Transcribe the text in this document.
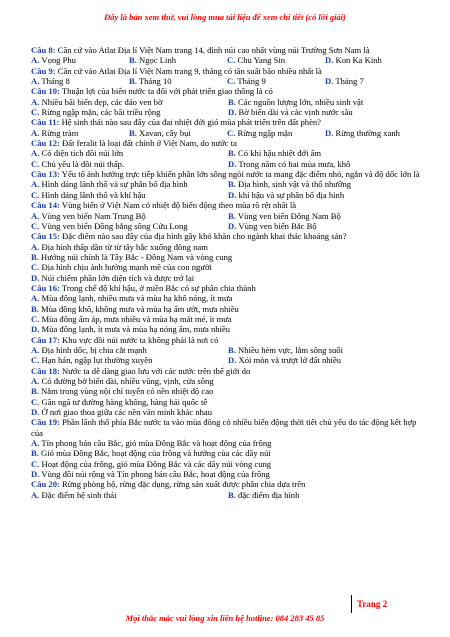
Đây là bản xem thử, vui lòng mua tài liệu để xem chi tiết (có lời giải)
Câu 8: Căn cứ vào Atlat Địa lí Việt Nam trang 14, đỉnh núi cao nhất vùng núi Trường Sơn Nam là
A. Vọng Phu	B. Ngọc Linh	C. Chu Yang Sin	D. Kon Ka Kinh
Câu 9: Căn cứ vào Atlat Địa lí Việt Nam trang 9, tháng có tần suất bão nhiều nhất là
A. Tháng 8	B. Tháng 10	C. Tháng 9	D. Tháng 7
Câu 10: Thuận lợi của biển nước ta đối với phát triển giao thông là có
A. Nhiều bãi biển đẹp, các đảo ven bờ	B. Các nguồn lượng lớn, nhiều sinh vật
C. Rừng ngập mặn, các bãi triều rộng	D. Bờ biển dài và các vịnh nước sâu
Câu 11: Hệ sinh thái nào sau đây của đai nhiệt đới gió mùa phát triển trên đất phèn?
A. Rừng tràm	B. Xavan, cây bụi	C. Rừng ngập mặn	D. Rừng thường xanh
Câu 12: Đất feralit là loại đất chính ở Việt Nam, do nước ta
A. Có diện tích đồi núi lớn	B. Có khí hậu nhiệt đới ẩm
C. Chủ yếu là đồi núi thấp.	D. Trong năm có hai mùa mưa, khô
Câu 13: Yếu tố ảnh hưởng trực tiếp khiến phần lớn sông ngòi nước ta mang đặc điểm nhỏ, ngắn và độ dốc lớn là
A. Hình dáng lãnh thổ và sự phân bố địa hình	B. Địa hình, sinh vật và thổ nhưỡng
C. Hình dáng lãnh thổ và khí hậu	D. khí hậu và sự phân bố địa hình
Câu 14: Vùng biển ở Việt Nam có nhiệt độ biến động theo mùa rõ rệt nhất là
A. Vùng ven biển Nam Trung Bộ	B. Vùng ven biển Đông Nam Bộ
C. Vùng ven biển Đồng bằng sông Cửu Long	D. Vùng ven biển Bắc Bộ
Câu 15: Đặc điểm nào sau đây của địa hình gây khó khăn cho ngành khai thác khoáng sản?
A. Địa hình thấp dần từ từ tây bắc xuống đông nam
B. Hướng núi chính là Tây Bắc - Đông Nam và vòng cung
C. Địa hình chịu ảnh hưởng mạnh mẽ của con người
D. Núi chiếm phần lớn diện tích và được trở lại
Câu 16: Trong chế độ khí hậu, ở miền Bắc có sự phân chia thành
A. Mùa đông lạnh, nhiều mưa và mùa hạ khô nóng, ít mưa
B. Mùa đông khô, không mưa và mùa hạ ẩm ướt, mưa nhiều
C. Mùa đông ấm áp, mưa nhiều và mùa hạ mát mẻ, ít mưa
D. Mùa đông lạnh, ít mưa và mùa hạ nóng ẩm, mưa nhiều
Câu 17: Khu vực đồi núi nước ta không phải là nơi có
A. Địa hình dốc, bị chia cắt mạnh	B. Nhiều hẻm vực, lắm sông suối
C. Hạn hán, ngập lụt thường xuyên	D. Xói mòn và trượt lở đất nhiều
Câu 18: Nước ta dễ dàng giao lưu với các nước trên thế giới do
A. Có đường bờ biển dài, nhiều vũng, vịnh, cửa sông
B. Nằm trong vùng nội chí tuyến có nền nhiệt độ cao
C. Gần ngã tư đường hàng không, hàng hải quốc tế
D. Ở nơi giao thoa giữa các nền văn minh khác nhau
Câu 19: Phần lãnh thổ phía Bắc nước ta vào mùa đông có nhiều biến động thời tiết chủ yếu do tác động kết hợp của
A. Tín phong bán cầu Bắc, gió mùa Đông Bắc và hoạt động của frông
B. Gió mùa Đông Bắc, hoạt động của frông và hướng của các dãy núi
C. Hoạt động của frông, gió mùa Đông Bắc và các dãy núi vòng cung
D. Vùng đồi núi rộng và Tín phong bán cầu Bắc, hoạt động của frông
Câu 20: Rừng phòng hộ, rừng đặc dụng, rừng sản xuất được phân chia dựa trên
A. Đặc điểm hệ sinh thái	B. đặc điểm địa hình
Trang 2
Mọi thắc mắc vui lòng xin liên hệ hotline: 084 283 45 85
